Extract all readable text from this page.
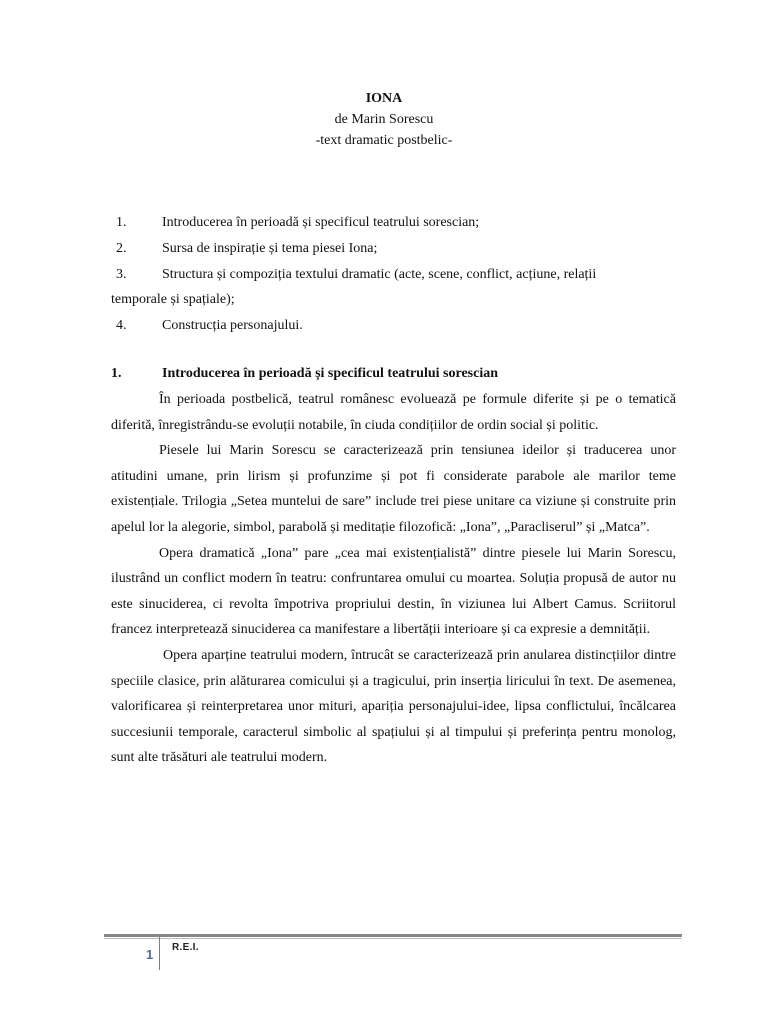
IONA
de Marin Sorescu
-text dramatic postbelic-
1.	Introducerea în perioadă și specificul teatrului sorescian;
2.	Sursa de inspirație și tema piesei Iona;
3.	Structura și compoziția textului dramatic (acte, scene, conflict, acțiune, relații
temporale și spațiale);
4.	Construcția personajului.
1.	Introducerea în perioadă și specificul teatrului sorescian

În perioada postbelică, teatrul românesc evoluează pe formule diferite și pe o tematică diferită, înregistrându-se evoluții notabile, în ciuda condițiilor de ordin social și politic.

Piesele lui Marin Sorescu se caracterizează prin tensiunea ideilor și traducerea unor atitudini umane, prin lirism și profunzime și pot fi considerate parabole ale marilor teme existențiale. Trilogia „Setea muntelui de sare” include trei piese unitare ca viziune și construite prin apelul lor la alegorie, simbol, parabolă și meditație filozofică: „Iona”, „Paracliserul” și „Matca”.

Opera dramatică „Iona” pare „cea mai existențialistă” dintre piesele lui Marin Sorescu, ilustrând un conflict modern în teatru: confruntarea omului cu moartea. Soluția propusă de autor nu este sinuciderea, ci revolta împotriva propriului destin, în viziunea lui Albert Camus. Scriitorul francez interpretează sinuciderea ca manifestare a libertății interioare și ca expresie a demnității.

Opera aparține teatrului modern, întrucât se caracterizează prin anularea distincțiilor dintre speciile clasice, prin alăturarea comicului și a tragicului, prin inserția liricului în text. De asemenea, valorificarea și reinterpretarea unor mituri, apariția personajului-idee, lipsa conflictului, încălcarea succesiunii temporale, caracterul simbolic al spațiului și al timpului și preferința pentru monolog, sunt alte trăsături ale teatrului modern.

1 R.E.I.
